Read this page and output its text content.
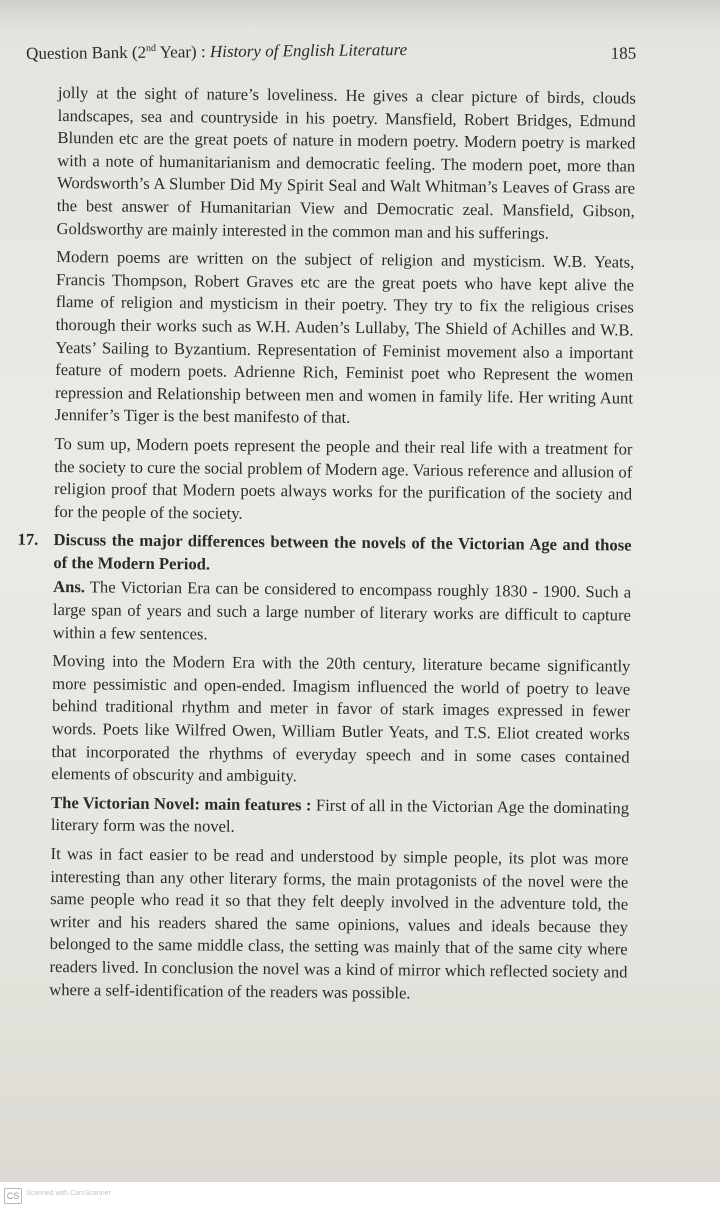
Question Bank (2nd Year) : History of English Literature	185

jolly at the sight of nature’s loveliness. He gives a clear picture of birds, clouds landscapes, sea and countryside in his poetry. Mansfield, Robert Bridges, Edmund Blunden etc are the great poets of nature in modern poetry. Modern poetry is marked with a note of humanitarianism and democratic feeling. The modern poet, more than Wordsworth’s A Slumber Did My Spirit Seal and Walt Whitman’s Leaves of Grass are the best answer of Humanitarian View and Democratic zeal. Mansfield, Gibson, Goldsworthy are mainly interested in the common man and his sufferings.

Modern poems are written on the subject of religion and mysticism. W.B. Yeats, Francis Thompson, Robert Graves etc are the great poets who have kept alive the flame of religion and mysticism in their poetry. They try to fix the religious crises thorough their works such as W.H. Auden’s Lullaby, The Shield of Achilles and W.B. Yeats’ Sailing to Byzantium. Representation of Feminist movement also a important feature of modern poets. Adrienne Rich, Feminist poet who Represent the women repression and Relationship between men and women in family life. Her writing Aunt Jennifer’s Tiger is the best manifesto of that.

To sum up, Modern poets represent the people and their real life with a treatment for the society to cure the social problem of Modern age. Various reference and allusion of religion proof that Modern poets always works for the purification of the society and for the people of the society.

17. Discuss the major differences between the novels of the Victorian Age and those of the Modern Period.

Ans. The Victorian Era can be considered to encompass roughly 1830 - 1900. Such a large span of years and such a large number of literary works are difficult to capture within a few sentences.

Moving into the Modern Era with the 20th century, literature became significantly more pessimistic and open-ended. Imagism influenced the world of poetry to leave behind traditional rhythm and meter in favor of stark images expressed in fewer words. Poets like Wilfred Owen, William Butler Yeats, and T.S. Eliot created works that incorporated the rhythms of everyday speech and in some cases contained elements of obscurity and ambiguity.

The Victorian Novel: main features : First of all in the Victorian Age the dominating literary form was the novel.

It was in fact easier to be read and understood by simple people, its plot was more interesting than any other literary forms, the main protagonists of the novel were the same people who read it so that they felt deeply involved in the adventure told, the writer and his readers shared the same opinions, values and ideals because they belonged to the same middle class, the setting was mainly that of the same city where readers lived. In conclusion the novel was a kind of mirror which reflected society and where a self-identification of the readers was possible.

CS Scanned with CamScanner
